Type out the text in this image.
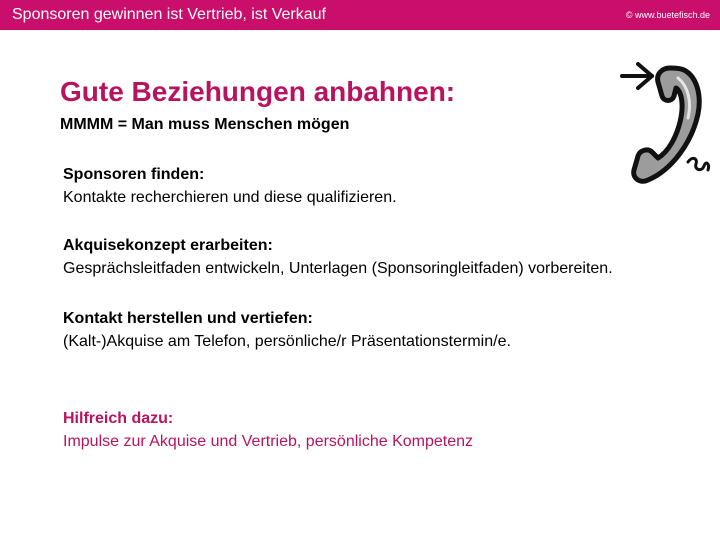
Sponsoren gewinnen ist Vertrieb, ist Verkauf	© www.buetefisch.de
Gute Beziehungen anbahnen:
MMMM = Man muss Menschen mögen
Sponsoren finden:
Kontakte recherchieren und diese qualifizieren.
Akquisekonzept erarbeiten:
Gesprächsleitfaden entwickeln, Unterlagen (Sponsoringleitfaden) vorbereiten.
Kontakt herstellen und vertiefen:
(Kalt-)Akquise am Telefon, persönliche/r Präsentationstermin/e.
Hilfreich dazu:
Impulse zur Akquise und Vertrieb, persönliche Kompetenz
